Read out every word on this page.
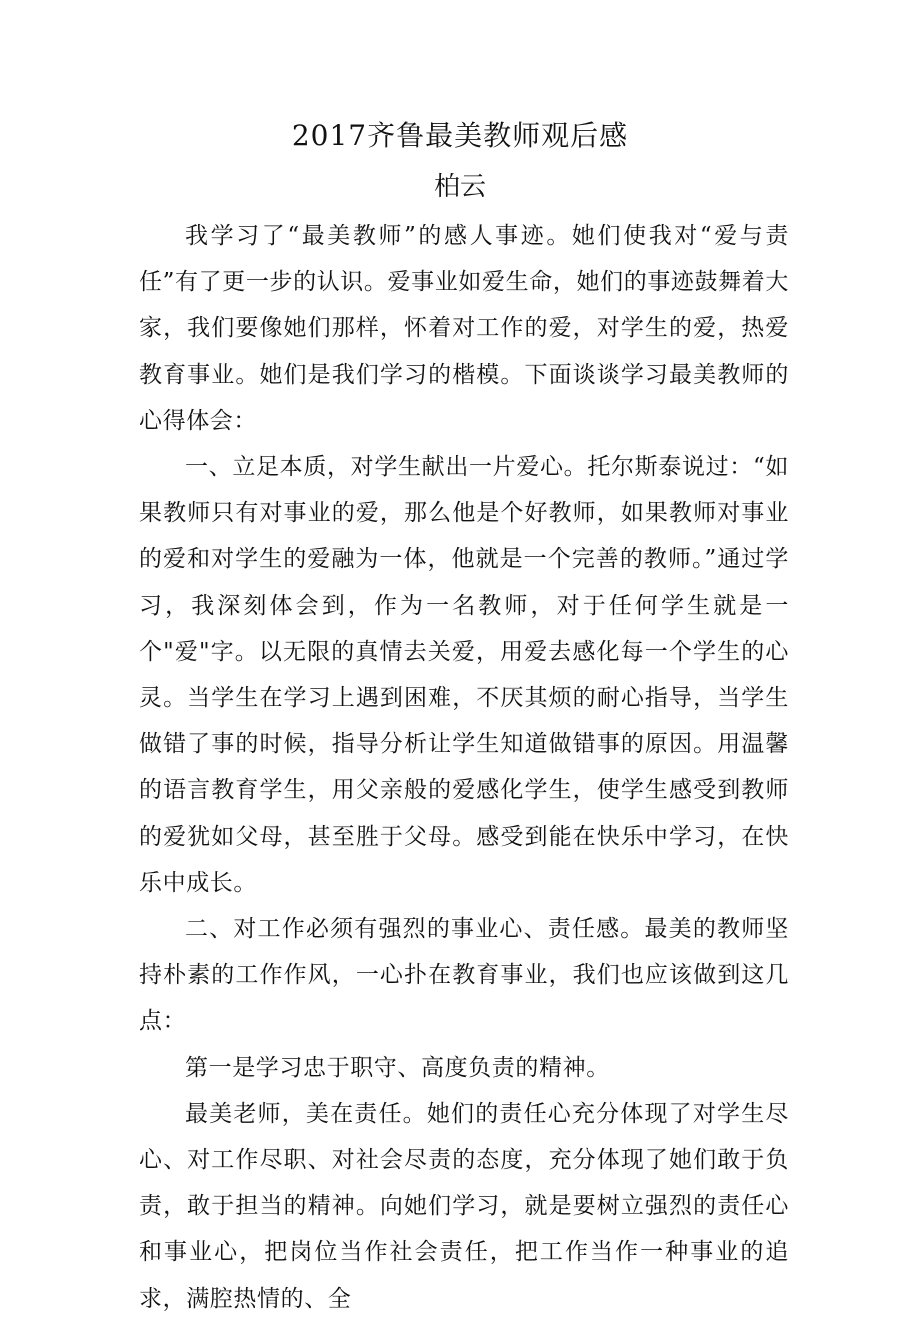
2017齐鲁最美教师观后感
柏云

我学习了“最美教师”的感人事迹。她们使我对“爱与责任”有了更一步的认识。爱事业如爱生命，她们的事迹鼓舞着大家，我们要像她们那样，怀着对工作的爱，对学生的爱，热爱教育事业。她们是我们学习的楷模。下面谈谈学习最美教师的心得体会：

一、立足本质，对学生献出一片爱心。托尔斯泰说过：“如果教师只有对事业的爱，那么他是个好教师，如果教师对事业的爱和对学生的爱融为一体，他就是一个完善的教师。”通过学习，我深刻体会到，作为一名教师，对于任何学生就是一个"爱"字。以无限的真情去关爱，用爱去感化每一个学生的心灵。当学生在学习上遇到困难，不厌其烦的耐心指导，当学生做错了事的时候，指导分析让学生知道做错事的原因。用温馨的语言教育学生，用父亲般的爱感化学生，使学生感受到教师的爱犹如父母，甚至胜于父母。感受到能在快乐中学习，在快乐中成长。

二、对工作必须有强烈的事业心、责任感。最美的教师坚持朴素的工作作风，一心扑在教育事业，我们也应该做到这几点：

第一是学习忠于职守、高度负责的精神。

最美老师，美在责任。她们的责任心充分体现了对学生尽心、对工作尽职、对社会尽责的态度，充分体现了她们敢于负责，敢于担当的精神。向她们学习，就是要树立强烈的责任心和事业心，把岗位当作社会责任，把工作当作一种事业的追求，满腔热情的、全
